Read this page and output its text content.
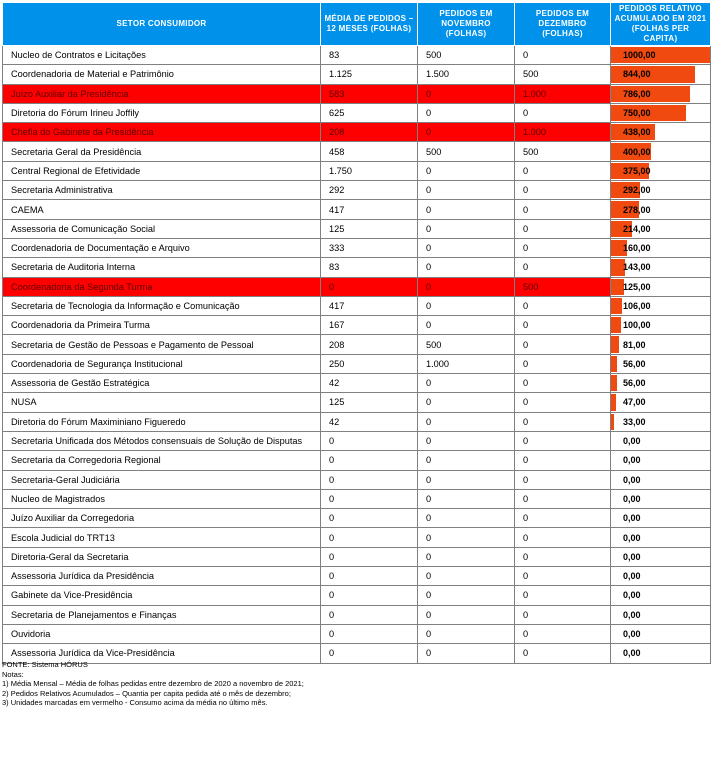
SETOR CONSUMIDOR	MÉDIA DE PEDIDOS – 12 MESES (FOLHAS)	PEDIDOS EM NOVEMBRO (FOLHAS)	PEDIDOS EM DEZEMBRO (FOLHAS)	PEDIDOS RELATIVO ACUMULADO EM 2021 (FOLHAS PER CAPITA)
Nucleo de Contratos e Licitações	83	500	0	1000,00

Coordenadoria de Material e Patrimônio	1.125	1.500	500	844,00

Juízo Auxiliar da Presidência	583	0	1.000	786,00

Diretoria do Fórum Irineu Joffily	625	0	0	750,00

Chefia do Gabinete da Presidência	208	0	1.000	438,00

Secretaria Geral da Presidência	458	500	500	400,00

Central Regional de Efetividade	1.750	0	0	375,00

Secretaria Administrativa	292	0	0	292,00

CAEMA	417	0	0	278,00

Assessoria de Comunicação Social	125	0	0	214,00

Coordenadoria de Documentação e Arquivo	333	0	0	160,00

Secretaria de Auditoria Interna	83	0	0	143,00

Coordenadoria da Segunda Turma	0	0	500	125,00

Secretaria de Tecnologia da Informação e Comunicação	417	0	0	106,00

Coordenadoria da Primeira Turma	167	0	0	100,00

Secretaria de Gestão de Pessoas e Pagamento de Pessoal	208	500	0	81,00

Coordenadoria de Segurança Institucional	250	1.000	0	56,00

Assessoria de Gestão Estratégica	42	0	0	56,00

NUSA	125	0	0	47,00

Diretoria do Fórum Maximiniano Figueredo	42	0	0	33,00

Secretaria Unificada dos Métodos consensuais de Solução de Disputas	0	0	0	0,00

Secretaria da Corregedoria Regional	0	0	0	0,00

Secretaria-Geral Judiciária	0	0	0	0,00

Nucleo de Magistrados	0	0	0	0,00

Juízo Auxiliar da Corregedoria	0	0	0	0,00

Escola Judicial do TRT13	0	0	0	0,00

Diretoria-Geral da Secretaria	0	0	0	0,00

Assessoria Jurídica da Presidência	0	0	0	0,00

Gabinete da Vice-Presidência	0	0	0	0,00

Secretaria de Planejamentos e Finanças	0	0	0	0,00

Ouvidoria	0	0	0	0,00

Assessoria Jurídica da Vice-Presidência	0	0	0	0,00
FONTE: Sistema HÓRUS
Notas:
1) Média Mensal – Média de folhas pedidas entre dezembro de 2020 a novembro de 2021;
2) Pedidos Relativos Acumulados – Quantia per capita pedida até o mês de dezembro;
3) Unidades marcadas em vermelho - Consumo acima da média no último mês.
